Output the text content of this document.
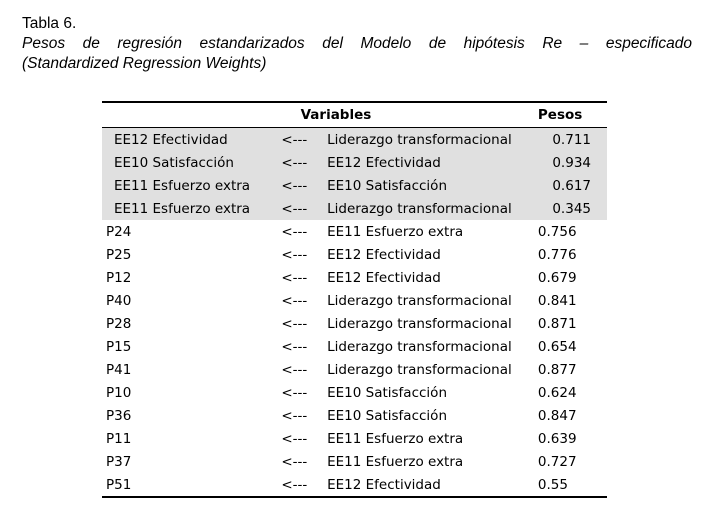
Tabla 6.
Pesos de regresión estandarizados del Modelo de hipótesis Re – especificado
(Standardized Regression Weights)
Variables			Pesos
EE12 Efectividad	<---	Liderazgo transformacional	0.711
EE10 Satisfacción	<---	EE12 Efectividad	0.934
EE11 Esfuerzo extra	<---	EE10 Satisfacción	0.617
EE11 Esfuerzo extra	<---	Liderazgo transformacional	0.345
P24	<---	EE11 Esfuerzo extra	0.756
P25	<---	EE12 Efectividad	0.776
P12	<---	EE12 Efectividad	0.679
P40	<---	Liderazgo transformacional	0.841
P28	<---	Liderazgo transformacional	0.871
P15	<---	Liderazgo transformacional	0.654
P41	<---	Liderazgo transformacional	0.877
P10	<---	EE10 Satisfacción	0.624
P36	<---	EE10 Satisfacción	0.847
P11	<---	EE11 Esfuerzo extra	0.639
P37	<---	EE11 Esfuerzo extra	0.727
P51	<---	EE12 Efectividad	0.55
